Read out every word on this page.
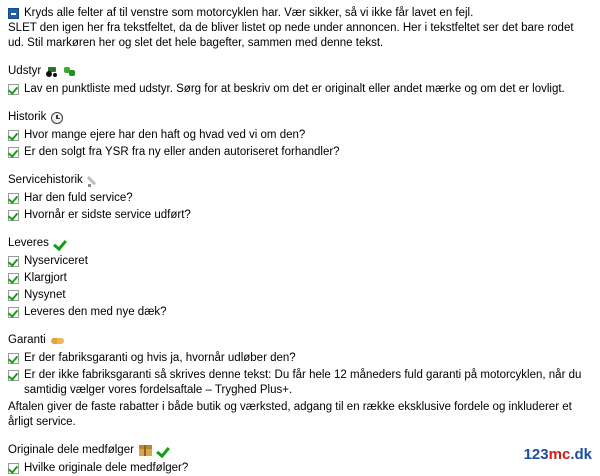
Kryds alle felter af til venstre som motorcyklen har. Vær sikker, så vi ikke får lavet en fejl.

SLET den igen her fra tekstfeltet, da de bliver listet op nede under annoncen. Her i tekstfeltet ser det bare rodet ud. Stil markøren her og slet det hele bagefter, sammen med denne tekst.

Udstyr
Lav en punktliste med udstyr. Sørg for at beskriv om det er originalt eller andet mærke og om det er lovligt.
Historik
Hvor mange ejere har den haft og hvad ved vi om den?
Er den solgt fra YSR fra ny eller anden autoriseret forhandler?
Servicehistorik
Har den fuld service?
Hvornår er sidste service udført?
Leveres
Nyserviceret
Klargjort
Nysynet
Leveres den med nye dæk?
Garanti
Er der fabriksgaranti og hvis ja, hvornår udløber den?
Er der ikke fabriksgaranti så skrives denne tekst: Du får hele 12 måneders fuld garanti på motorcyklen, når du samtidig vælger vores fordelsaftale – Tryghed Plus+.

Aftalen giver de faste rabatter i både butik og værksted, adgang til en række eksklusive fordele og inkluderer et årligt service.

Originale dele medfølger
Hvilke originale dele medfølger?
123mc.dk
